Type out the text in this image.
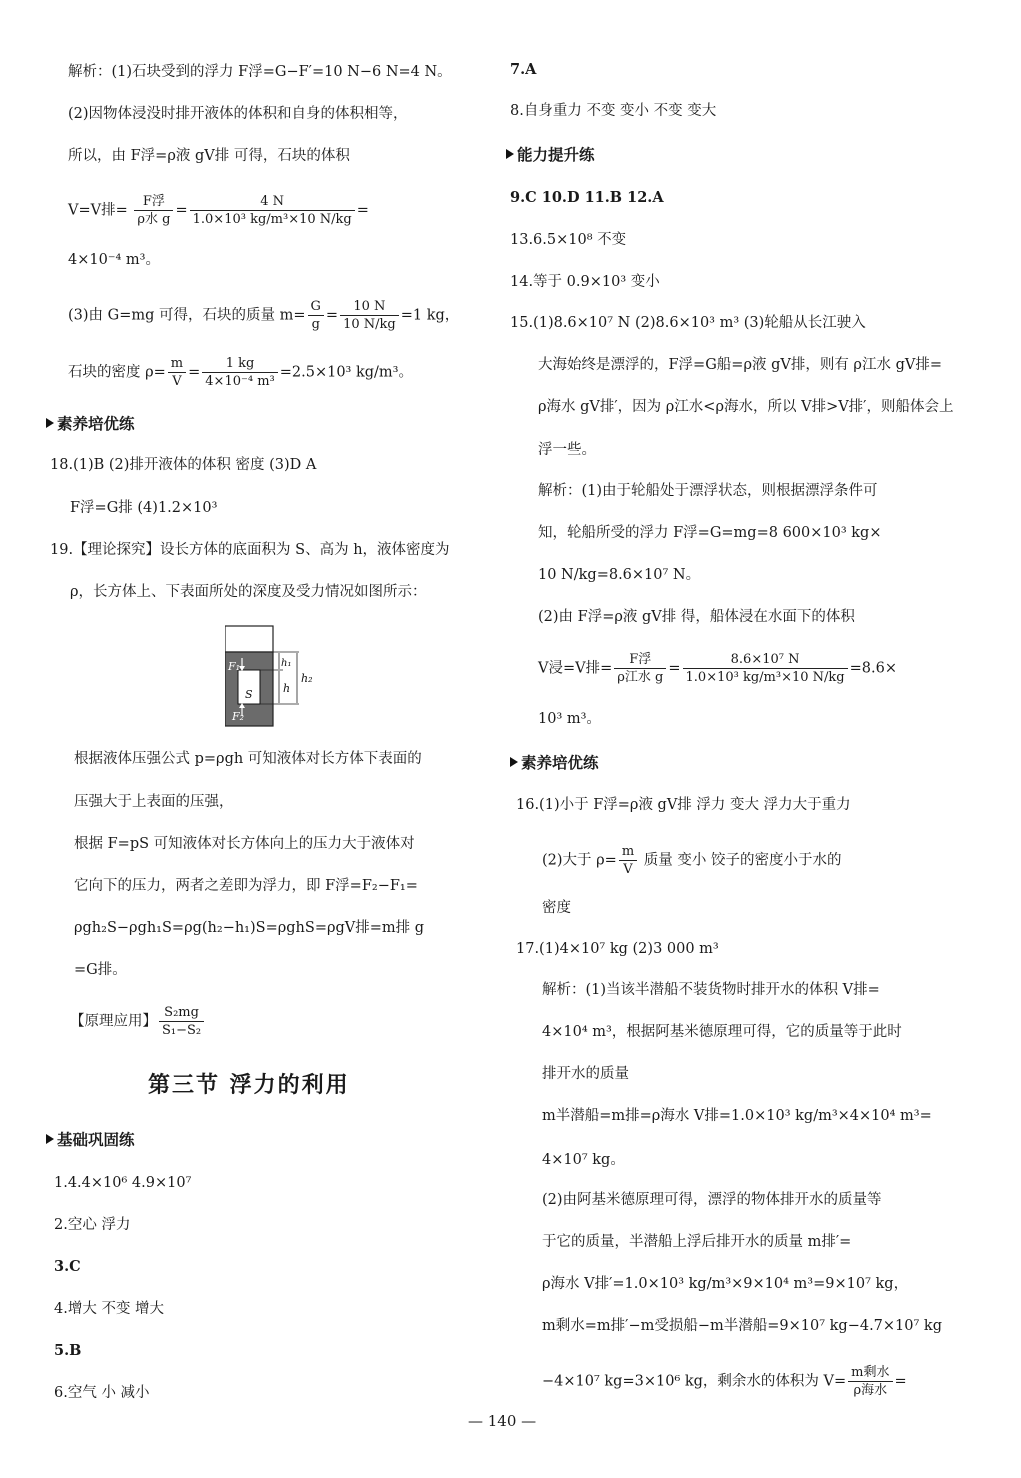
解析：(1)石块受到的浮力 F浮=G−F′=10 N−6 N=4 N。
(2)因物体浸没时排开液体的体积和自身的体积相等，
所以，由 F浮=ρ液 gV排 可得，石块的体积
V=V排= $\frac{\text{F浮}}{\text{ρ水 g}} = \frac{4 N}{\text{1.0×10³ kg/m³×10 N/kg}}$ =
4×10⁻⁴ m³。
(3)由 G=mg 可得，石块的质量 $m= \frac{G}{g} = \frac{10 N}{10 N/kg} =1$ kg，
石块的密度 $\rho= \frac{m}{V} = \frac{1 kg}{\text{4×10⁻⁴ m³}} =2.5\times 10^3$ kg/m³。
素养培优练
18.(1)B (2)排开液体的体积 密度 (3)D A
F浮=G排 (4)1.2×10³
19.【理论探究】设长方体的底面积为 S、高为 h，液体密度为
ρ，长方体上、下表面所处的深度及受力情况如图所示：
根据液体压强公式 p=ρgh 可知液体对长方体下表面的
压强大于上表面的压强，
根据 F=pS 可知液体对长方体向上的压力大于液体对
它向下的压力，两者之差即为浮力，即 F浮=F₂−F₁=
ρgh₂S−ρgh₁S=ρg(h₂−h₁)S=ρghS=ρgV排=m排 g
=G排。
【原理应用】 $\frac{\text{S₂mg}}{\text{S₁−S₂}}$
基础巩固练
1.4.4×10⁶ 4.9×10⁷
2.空心 浮力
3.C
4.增大 不变 增大
5.B
6.空气 小 减小
第三节 浮力的利用
F₁
F₂
S
h₁
h
h₂
7.A
8.自身重力 不变 变小 不变 变大
能力提升练
9.C 10.D 11.B 12.A
13.6.5×10⁸ 不变
14.等于 0.9×10³ 变小
15.(1)8.6×10⁷ N (2)8.6×10³ m³ (3)轮船从长江驶入
大海始终是漂浮的，F浮=G船=ρ液 gV排，则有 ρ江水 gV排=
ρ海水 gV排′，因为 ρ江水<ρ海水，所以 V排>V排′，则船体会上
浮一些。
解析：(1)由于轮船处于漂浮状态，则根据漂浮条件可
知，轮船所受的浮力 F浮=G=mg=8 600×10³ kg×
10 N/kg=8.6×10⁷ N。
(2)由 F浮=ρ液 gV排 得，船体浸在水面下的体积
V浸=V排= $\frac{\text{F浮}}{\text{ρ江水 g}} = \frac{\text{8.6×10⁷ N}}{\text{1.0×10³ kg/m³×10 N/kg}} =8.6\times$
10³ m³。
素养培优练
16.(1)小于 F浮=ρ液 gV排 浮力 变大 浮力大于重力
(2)大于 $\rho= \frac{m}{V}$ 质量 变小 饺子的密度小于水的
密度
17.(1)4×10⁷ kg (2)3 000 m³
解析：(1)当该半潜船不装货物时排开水的体积 V排=
4×10⁴ m³，根据阿基米德原理可得，它的质量等于此时
排开水的质量
m半潜船=m排=ρ海水 V排=1.0×10³ kg/m³×4×10⁴ m³=
4×10⁷ kg。
(2)由阿基米德原理可得，漂浮的物体排开水的质量等
于它的质量，半潜船上浮后排开水的质量 m排′=
ρ海水 V排′=1.0×10³ kg/m³×9×10⁴ m³=9×10⁷ kg，
m剩水=m排′−m受损船−m半潜船=9×10⁷ kg−4.7×10⁷ kg
−4×10⁷ kg=3×10⁶ kg，剩余水的体积为 $V= \frac{\text{m剩水}}{\text{ρ海水}}$ =
— 140 —
